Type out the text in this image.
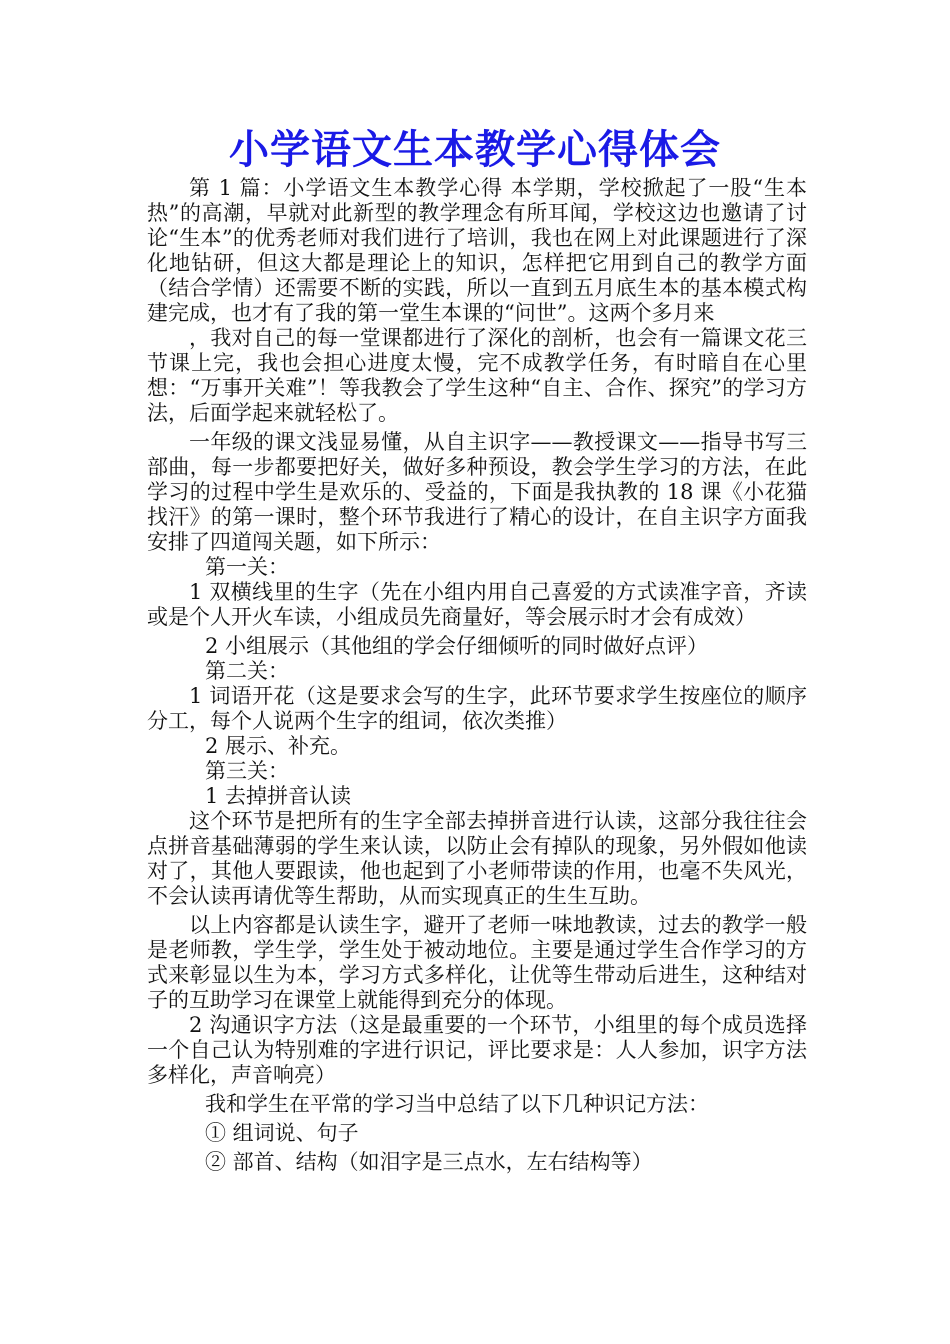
小学语文生本教学心得体会

第 1 篇：小学语文生本教学心得 本学期，学校掀起了一股“生本热”的高潮，早就对此新型的教学理念有所耳闻，学校这边也邀请了讨论“生本”的优秀老师对我们进行了培训，我也在网上对此课题进行了深化地钻研，但这大都是理论上的知识，怎样把它用到自己的教学方面（结合学情）还需要不断的实践，所以一直到五月底生本的基本模式构建完成，也才有了我的第一堂生本课的“问世”。这两个多月来

，我对自己的每一堂课都进行了深化的剖析，也会有一篇课文花三节课上完，我也会担心进度太慢，完不成教学任务，有时暗自在心里想：“万事开关难”！等我教会了学生这种“自主、合作、探究”的学习方法，后面学起来就轻松了。

一年级的课文浅显易懂，从自主识字——教授课文——指导书写三部曲，每一步都要把好关，做好多种预设，教会学生学习的方法，在此学习的过程中学生是欢乐的、受益的，下面是我执教的 18 课《小花猫找汗》的第一课时，整个环节我进行了精心的设计，在自主识字方面我安排了四道闯关题，如下所示：

第一关：

1 双横线里的生字（先在小组内用自己喜爱的方式读准字音，齐读或是个人开火车读，小组成员先商量好，等会展示时才会有成效）

2 小组展示（其他组的学会仔细倾听的同时做好点评）

第二关：

1 词语开花（这是要求会写的生字，此环节要求学生按座位的顺序分工，每个人说两个生字的组词，依次类推）

2 展示、补充。

第三关：

1 去掉拼音认读

这个环节是把所有的生字全部去掉拼音进行认读，这部分我往往会点拼音基础薄弱的学生来认读，以防止会有掉队的现象，另外假如他读对了，其他人要跟读，他也起到了小老师带读的作用，也毫不失风光，不会认读再请优等生帮助，从而实现真正的生生互助。

以上内容都是认读生字，避开了老师一味地教读，过去的教学一般是老师教，学生学，学生处于被动地位。主要是通过学生合作学习的方式来彰显以生为本，学习方式多样化，让优等生带动后进生，这种结对子的互助学习在课堂上就能得到充分的体现。

2 沟通识字方法（这是最重要的一个环节，小组里的每个成员选择一个自己认为特别难的字进行识记，评比要求是：人人参加，识字方法多样化，声音响亮）

我和学生在平常的学习当中总结了以下几种识记方法：

① 组词说、句子

② 部首、结构（如泪字是三点水，左右结构等）
